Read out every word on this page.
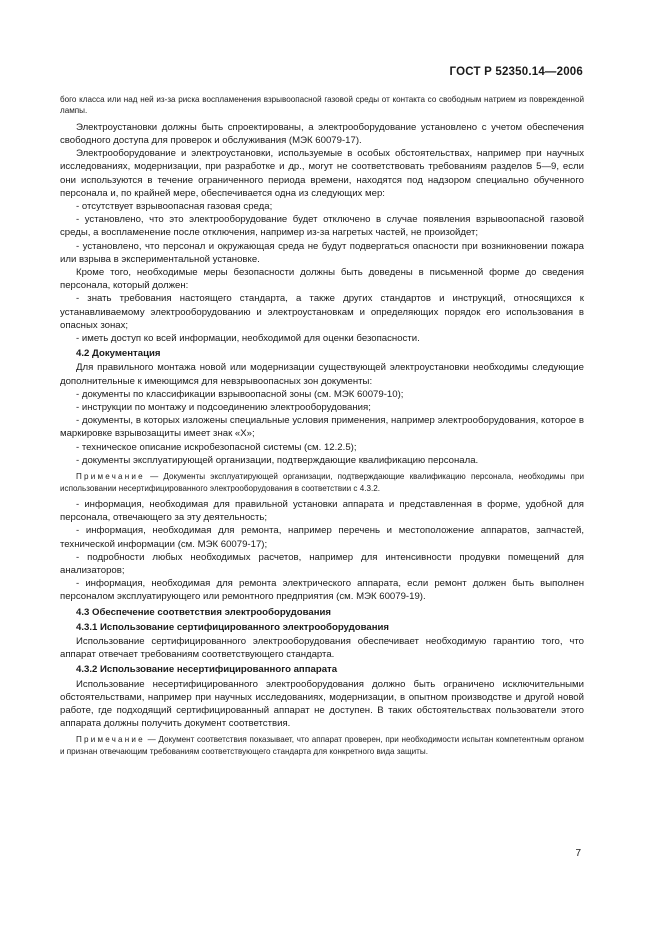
ГОСТ Р 52350.14—2006

бого класса или над ней из-за риска воспламенения взрывоопасной газовой среды от контакта со свободным натрием из поврежденной лампы.

Электроустановки должны быть спроектированы, а электрооборудование установлено с учетом обеспечения свободного доступа для проверок и обслуживания (МЭК 60079-17).

Электрооборудование и электроустановки, используемые в особых обстоятельствах, например при научных исследованиях, модернизации, при разработке и др., могут не соответствовать требованиям разделов 5—9, если они используются в течение ограниченного периода времени, находятся под надзором специально обученного персонала и, по крайней мере, обеспечивается одна из следующих мер:

- отсутствует взрывоопасная газовая среда;

- установлено, что это электрооборудование будет отключено в случае появления взрывоопасной газовой среды, а воспламенение после отключения, например из-за нагретых частей, не произойдет;

- установлено, что персонал и окружающая среда не будут подвергаться опасности при возникновении пожара или взрыва в экспериментальной установке.

Кроме того, необходимые меры безопасности должны быть доведены в письменной форме до сведения персонала, который должен:

- знать требования настоящего стандарта, а также других стандартов и инструкций, относящихся к устанавливаемому электрооборудованию и электроустановкам и определяющих порядок его использования в опасных зонах;

- иметь доступ ко всей информации, необходимой для оценки безопасности.

4.2 Документация

Для правильного монтажа новой или модернизации существующей электроустановки необходимы следующие дополнительные к имеющимся для невзрывоопасных зон документы:

- документы по классификации взрывоопасной зоны (см. МЭК 60079-10);

- инструкции по монтажу и подсоединению электрооборудования;

- документы, в которых изложены специальные условия применения, например электрооборудования, которое в маркировке взрывозащиты имеет знак «X»;

- техническое описание искробезопасной системы (см. 12.2.5);

- документы эксплуатирующей организации, подтверждающие квалификацию персонала.

Примечание — Документы эксплуатирующей организации, подтверждающие квалификацию персонала, необходимы при использовании несертифицированного электрооборудования в соответствии с 4.3.2.

- информация, необходимая для правильной установки аппарата и представленная в форме, удобной для персонала, отвечающего за эту деятельность;

- информация, необходимая для ремонта, например перечень и местоположение аппаратов, запчастей, технической информации (см. МЭК 60079-17);

- подробности любых необходимых расчетов, например для интенсивности продувки помещений для анализаторов;

- информация, необходимая для ремонта электрического аппарата, если ремонт должен быть выполнен персоналом эксплуатирующего или ремонтного предприятия (см. МЭК 60079-19).

4.3 Обеспечение соответствия электрооборудования

4.3.1 Использование сертифицированного электрооборудования

Использование сертифицированного электрооборудования обеспечивает необходимую гарантию того, что аппарат отвечает требованиям соответствующего стандарта.

4.3.2 Использование несертифицированного аппарата

Использование несертифицированного электрооборудования должно быть ограничено исключительными обстоятельствами, например при научных исследованиях, модернизации, в опытном производстве и другой новой работе, где подходящий сертифицированный аппарат не доступен. В таких обстоятельствах пользователи этого аппарата должны получить документ соответствия.

Примечание — Документ соответствия показывает, что аппарат проверен, при необходимости испытан компетентным органом и признан отвечающим требованиям соответствующего стандарта для конкретного вида защиты.

7
